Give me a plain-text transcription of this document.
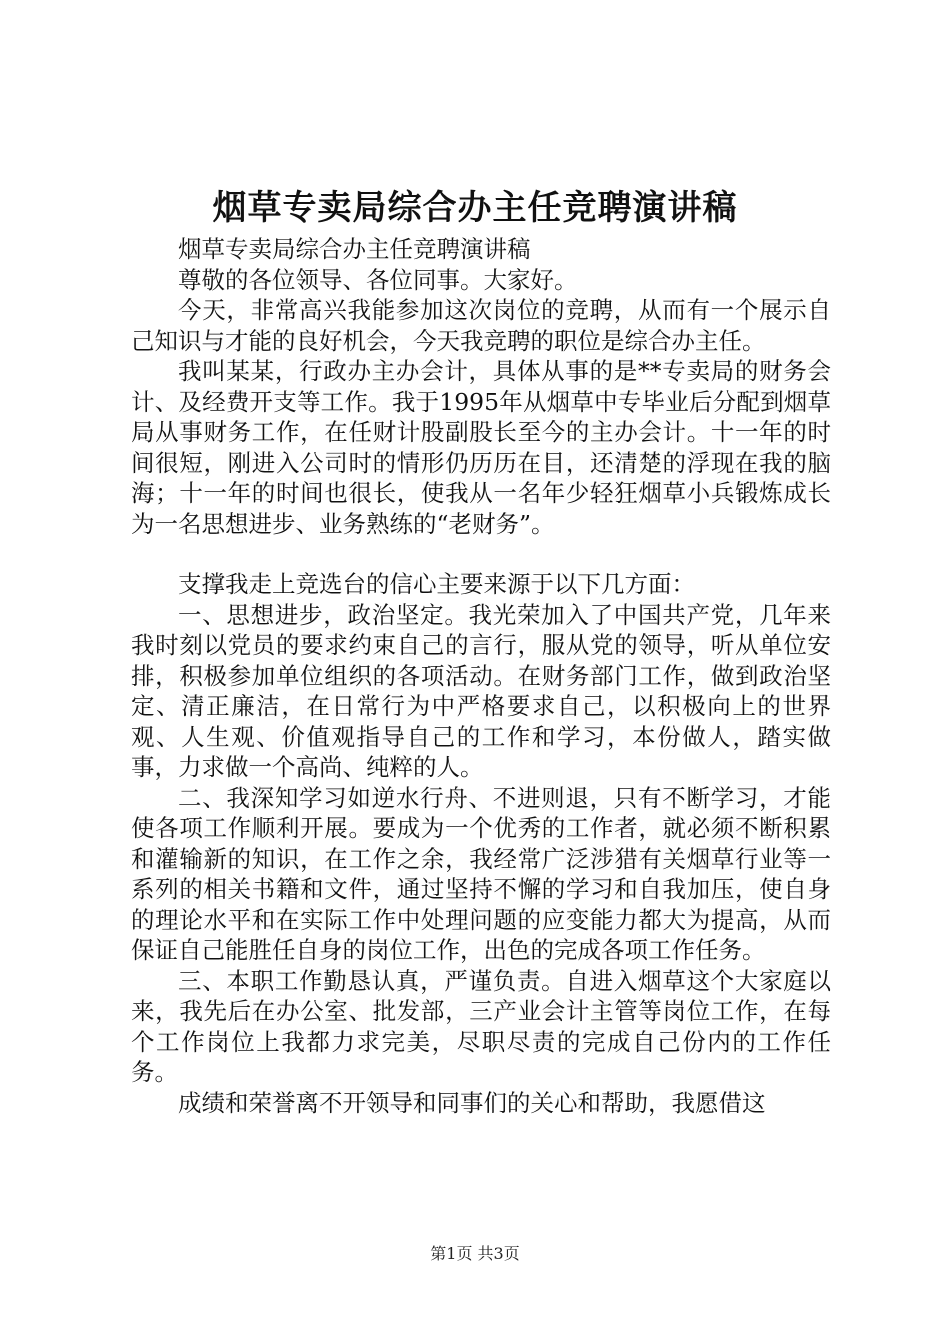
烟草专卖局综合办主任竞聘演讲稿

烟草专卖局综合办主任竞聘演讲稿

尊敬的各位领导、各位同事。大家好。

今天，非常高兴我能参加这次岗位的竞聘，从而有一个展示自己知识与才能的良好机会，今天我竞聘的职位是综合办主任。

我叫某某，行政办主办会计，具体从事的是**专卖局的财务会计、及经费开支等工作。我于1995年从烟草中专毕业后分配到烟草局从事财务工作，在任财计股副股长至今的主办会计。十一年的时间很短，刚进入公司时的情形仍历历在目，还清楚的浮现在我的脑海；十一年的时间也很长，使我从一名年少轻狂烟草小兵锻炼成长为一名思想进步、业务熟练的“老财务”。

支撑我走上竞选台的信心主要来源于以下几方面：

一、思想进步，政治坚定。我光荣加入了中国共产党，几年来我时刻以党员的要求约束自己的言行，服从党的领导，听从单位安排，积极参加单位组织的各项活动。在财务部门工作，做到政治坚定、清正廉洁，在日常行为中严格要求自己，以积极向上的世界观、人生观、价值观指导自己的工作和学习，本份做人，踏实做事，力求做一个高尚、纯粹的人。

二、我深知学习如逆水行舟、不进则退，只有不断学习，才能使各项工作顺利开展。要成为一个优秀的工作者，就必须不断积累和灌输新的知识，在工作之余，我经常广泛涉猎有关烟草行业等一系列的相关书籍和文件，通过坚持不懈的学习和自我加压，使自身的理论水平和在实际工作中处理问题的应变能力都大为提高，从而保证自己能胜任自身的岗位工作，出色的完成各项工作任务。

三、本职工作勤恳认真，严谨负责。自进入烟草这个大家庭以来，我先后在办公室、批发部，三产业会计主管等岗位工作，在每个工作岗位上我都力求完美，尽职尽责的完成自己份内的工作任务。

成绩和荣誉离不开领导和同事们的关心和帮助，我愿借这

第1页 共3页
